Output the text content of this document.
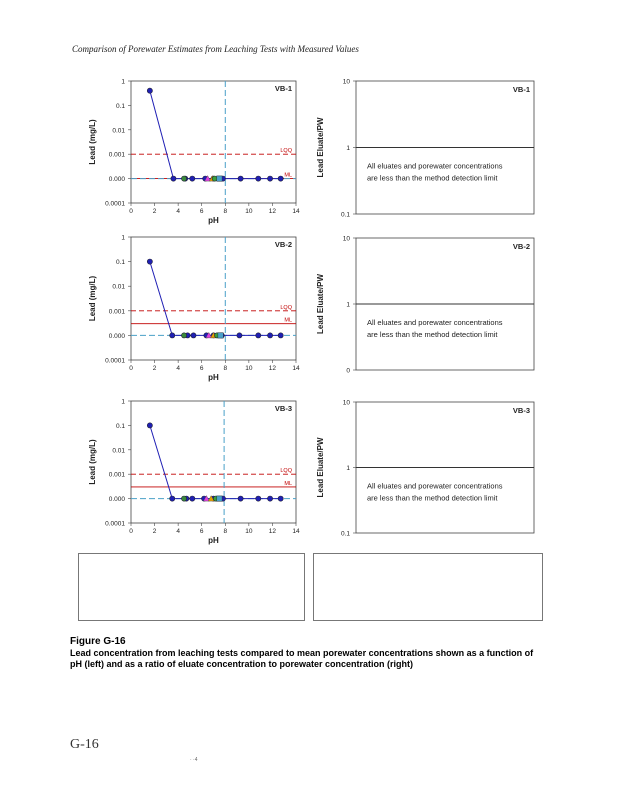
Comparison of Porewater Estimates from Leaching Tests with Measured Values
1
0.1
0.01
0.001
0.000
0.0001
0	2	4	6	8	10	12	14
pH
Lead (mg/L)
VB-1
LQQ
ML
1
0.1
0.01
0.001
0.000
0.0001
0	2	4	6	8	10	12	14
pH
Lead (mg/L)
VB-2
LQQ
ML
1
0.1
0.01
0.001
0.000
0.0001
0	2	4	6	8	10	12	14
pH
Lead (mg/L)
VB-3
LQQ
ML
10
1
0.1
Lead Eluate/PW
VB-1
All eluates and porewater concentrations
are less than the method detection limit
10
1
0
Lead Eluate/PW
VB-2
All eluates and porewater concentrations
are less than the method detection limit
10
1
0.1
Lead Eluate/PW
VB-3
All eluates and porewater concentrations
are less than the method detection limit
Figure G-16
Lead concentration from leaching tests compared to mean porewater concentrations shown as a function of pH (left) and as a ratio of eluate concentration to porewater concentration (right)
G-16
· ·4
